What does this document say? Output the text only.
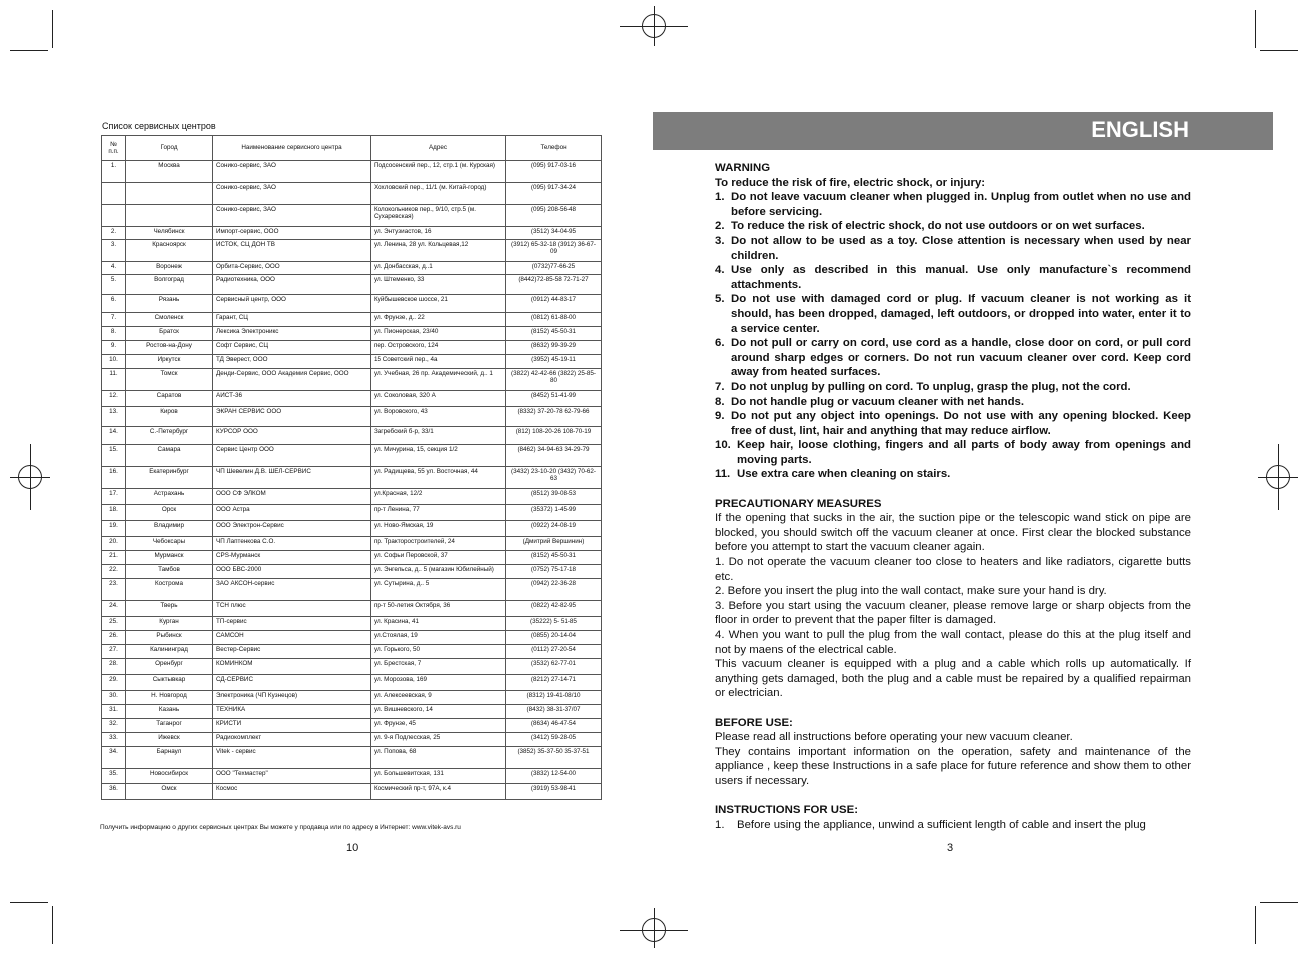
Список сервисных центров
№ п.п.	Город	Наименование сервисного центра	Адрес	Телефон
1.	Москва	Сонико-сервис, ЗАО	Подсосенский пер., 12, стр.1 (м. Курская)	(095) 917-03-16
		Сонико-сервис, ЗАО	Хохловский пер., 11/1 (м. Китай-город)	(095) 917-34-24
		Сонико-сервис, ЗАО	Колокольников пер., 9/10, стр.5 (м. Сухаревская)	(095) 208-56-48
2.	Челябинск	Импорт-сервис, ООО	ул. Энтузиастов, 16	(3512) 34-04-95
3.	Красноярск	ИСТОК, СЦ ДОН ТВ	ул. Ленина, 28 ул. Кольцевая,12	(3912) 65-32-18 (3912) 36-67-09
4.	Воронеж	Орбита-Сервис, ООО	ул. Донбасская, д..1	(0732)77-66-25
5.	Волгоград	Радиотехника, ООО	ул. Штеменко, 33	(8442)72-85-58 72-71-27
6.	Рязань	Сервисный центр, ООО	Куйбышевское шоссе, 21	(0912) 44-83-17
7.	Смоленск	Гарант, СЦ	ул. Фрунзе, д.. 22	(0812) 61-88-00
8.	Братск	Лексика Электроникс	ул. Пионерская, 23/40	(8152) 45-50-31
9.	Ростов-на-Дону	Софт Сервис, СЦ	пер. Островского, 124	(8632) 99-39-29
10.	Иркутск	ТД Эверест, ООО	15 Советский пер., 4а	(3952) 45-19-11
11.	Томск	Денди-Сервис, ООО Академия Сервис, ООО	ул. Учебная, 26 пр. Академический, д.. 1	(3822) 42-42-66 (3822) 25-85-80
12.	Саратов	АИСТ-36	ул. Соколовая, 320 А	(8452) 51-41-99
13.	Киров	ЭКРАН СЕРВИС ООО	ул. Воровского, 43	(8332) 37-20-78 62-79-66
14.	С.-Петербург	КУРСОР ООО	Загребский б-р, 33/1	(812) 108-20-26 108-70-19
15.	Самара	Сервис Центр ООО	ул. Мичурина, 15, секция 1/2	(8462) 34-94-63 34-29-79
16.	Екатеринбург	ЧП Шевелин Д.В. ШЕЛ-СЕРВИС	ул. Радищева, 55 ул. Восточная, 44	(3432) 23-10-20 (3432) 70-62-63
17.	Астрахань	ООО СФ ЭЛКОМ	ул.Красная, 12/2	(8512) 39-08-53
18.	Орск	ООО Астра	пр-т Ленина, 77	(35372) 1-45-99
19.	Владимир	ООО Электрон-Сервис	ул. Ново-Ямская, 19	(0922) 24-08-19
20.	Чебоксары	ЧП Лаптенкова С.О.	пр. Тракторостроителей, 24	(Дмитрий Вершинин)
21.	Мурманск	CPS-Мурманск	ул. Софьи Перовской, 37	(8152) 45-50-31
22.	Тамбов	ООО БВС-2000	ул. Энгельса, д.. 5 (магазин Юбилейный)	(0752) 75-17-18
23.	Кострома	ЗАО АКСОН-сервис	ул. Сутырина, д.. 5	(0942) 22-36-28
24.	Тверь	ТСН плюс	пр-т 50-летия Октября, 36	(0822) 42-82-95
25.	Курган	ТП-сервис	ул. Красина, 41	(35222) 5- 51-85
26.	Рыбинск	САМСОН	ул.Стоялая, 19	(0855) 20-14-04
27.	Калининград	Вестер-Сервис	ул. Горького, 50	(0112) 27-20-54
28.	Оренбург	КОМИНКОМ	ул. Брестская, 7	(3532) 62-77-01
29.	Сыктывкар	СД-СЕРВИС	ул. Морозова, 169	(8212) 27-14-71
30.	Н. Новгород	Электроника (ЧП Кузнецов)	ул. Алексеевская, 9	(8312) 19-41-08/10
31.	Казань	ТЕХНИКА	ул. Вишневского, 14	(8432) 38-31-37/07
32.	Таганрог	КРИСТИ	ул. Фрунзе, 45	(8634) 46-47-54
33.	Ижевск	Радиокомплект	ул. 9-я Подлесская, 25	(3412) 59-28-05
34.	Барнаул	Vitek - сервис	ул. Попова, 68	(3852) 35-37-50 35-37-51
35.	Новосибирск	ООО "Техмастер"	ул. Большевитская, 131	(3832) 12-54-00
36.	Омск	Космос	Космический пр-т, 97А, к.4	(3919) 53-98-41
Получить информацию о других сервисных центрах Вы можете у продавца или по адресу в Интернет: www.vitek-avs.ru
10
ENGLISH
WARNING
To reduce the risk of fire, electric shock, or injury:
1. Do not leave vacuum cleaner when plugged in. Unplug from outlet when no use and before servicing.
2. To reduce the risk of electric shock, do not use outdoors or on wet surfaces.
3. Do not allow to be used as a toy. Close attention is necessary when used by near children.
4. Use only as described in this manual. Use only manufacture`s recommend attachments.
5. Do not use with damaged cord or plug. If vacuum cleaner is not working as it should, has been dropped, damaged, left outdoors, or dropped into water, enter it to a service center.
6. Do not pull or carry on cord, use cord as a handle, close door on cord, or pull cord around sharp edges or corners. Do not run vacuum cleaner over cord. Keep cord away from heated surfaces.
7. Do not unplug by pulling on cord. To unplug, grasp the plug, not the cord.
8. Do not handle plug or vacuum cleaner with net hands.
9. Do not put any object into openings. Do not use with any opening blocked. Keep free of dust, lint, hair and anything that may reduce airflow.
10. Keep hair, loose clothing, fingers and all parts of body away from openings and moving parts.
11. Use extra care when cleaning on stairs.
PRECAUTIONARY MEASURES
If the opening that sucks in the air, the suction pipe or the telescopic wand stick on pipe are blocked, you should switch off the vacuum cleaner at once. First clear the blocked substance before you attempt to start the vacuum cleaner again.
1. Do not operate the vacuum cleaner too close to heaters and like radiators, cigarette butts etc.
2. Before you insert the plug into the wall contact, make sure your hand is dry.
3. Before you start using the vacuum cleaner, please remove large or sharp objects from the floor in order to prevent that the paper filter is damaged.
4. When you want to pull the plug from the wall contact, please do this at the plug itself and not by maens of the electrical cable.
This vacuum cleaner is equipped with a plug and a cable which rolls up automatically. If anything gets damaged, both the plug and a cable must be repaired by a qualified repairman or electrician.
BEFORE USE:
Please read all instructions before operating your new vacuum cleaner.
They contains important information on the operation, safety and maintenance of the appliance , keep these Instructions in a safe place for future reference and show them to other users if necessary.
INSTRUCTIONS FOR USE:
1.	Before using the appliance, unwind a sufficient length of cable and insert the plug
3
